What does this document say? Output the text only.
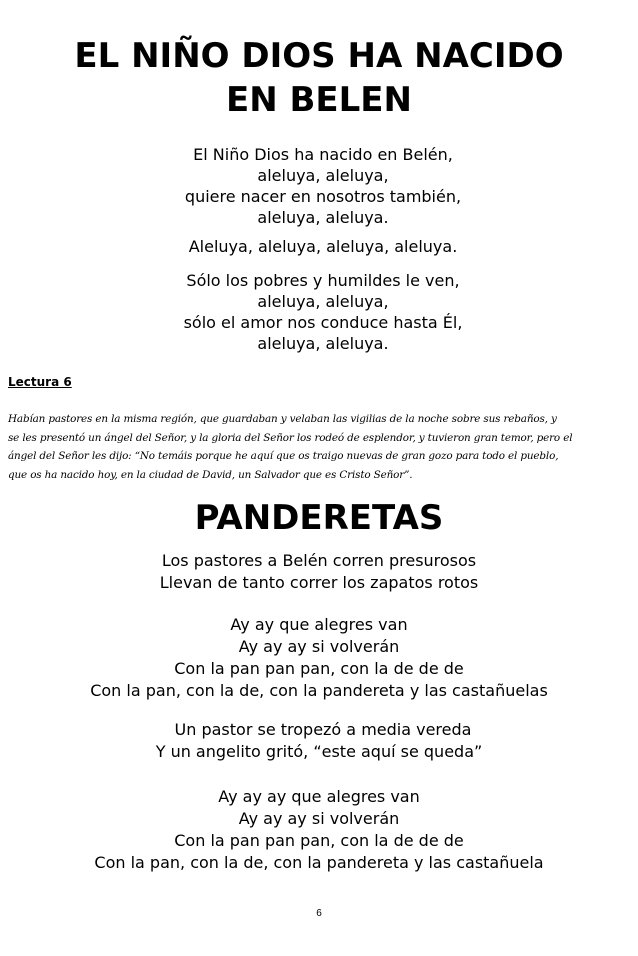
EL NIÑO DIOS HA NACIDO
EN BELEN
El Niño Dios ha nacido en Belén,
aleluya, aleluya,
quiere nacer en nosotros también,
aleluya, aleluya.
Aleluya, aleluya, aleluya, aleluya.
Sólo los pobres y humildes le ven,
aleluya, aleluya,
sólo el amor nos conduce hasta Él,
aleluya, aleluya.
Lectura 6
Habían pastores en la misma región, que guardaban y velaban las vigilias de la noche sobre sus rebaños, y
se les presentó un ángel del Señor, y la gloria del Señor los rodeó de esplendor, y tuvieron gran temor, pero el
ángel del Señor les dijo: “No temáis porque he aquí que os traigo nuevas de gran gozo para todo el pueblo,
que os ha nacido hoy, en la ciudad de David, un Salvador que es Cristo Señor”.
PANDERETAS
Los pastores a Belén corren presurosos
Llevan de tanto correr los zapatos rotos
Ay ay que alegres van
Ay ay ay si volverán
Con la pan pan pan, con la de de de
Con la pan, con la de, con la pandereta y las castañuelas
Un pastor se tropezó a media vereda
Y un angelito gritó, “este aquí se queda”
Ay ay ay que alegres van
Ay ay ay si volverán
Con la pan pan pan, con la de de de
Con la pan, con la de, con la pandereta y las castañuela
6
